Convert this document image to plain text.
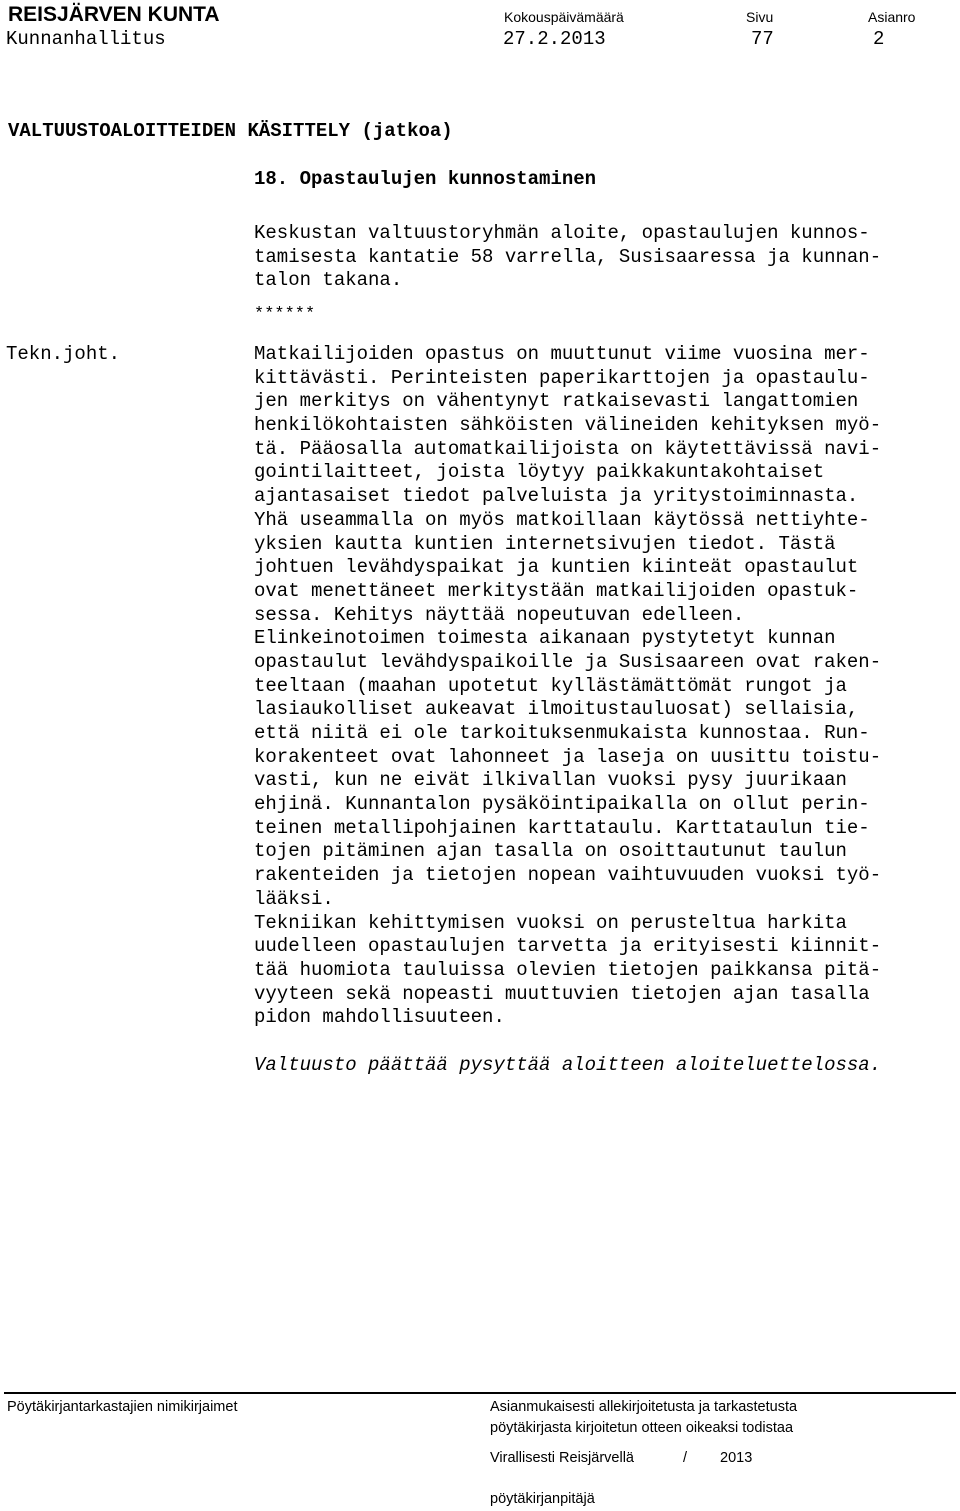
REISJÄRVEN KUNTA
Kunnanhallitus
Kokouspäivämäärä
27.2.2013
Sivu
77
Asianro
2
VALTUUSTOALOITTEIDEN KÄSITTELY (jatkoa)
18. Opastaulujen kunnostaminen
Keskustan valtuustoryhmän aloite, opastaulujen kunnos-
tamisesta kantatie 58 varrella, Susisaaressa ja kunnan-
talon takana.
******
Tekn.joht.	Matkailijoiden opastus on muuttunut viime vuosina mer-
kittävästi. Perinteisten paperikarttojen ja opastaulu-
jen merkitys on vähentynyt ratkaisevasti langattomien
henkilökohtaisten sähköisten välineiden kehityksen myö-
tä. Pääosalla automatkailijoista on käytettävissä navi-
gointilaitteet, joista löytyy paikkakuntakohtaiset
ajantasaiset tiedot palveluista ja yritystoiminnasta.
Yhä useammalla on myös matkoillaan käytössä nettiyhte-
yksien kautta kuntien internetsivujen tiedot. Tästä
johtuen levähdyspaikat ja kuntien kiinteät opastaulut
ovat menettäneet merkitystään matkailijoiden opastuk-
sessa. Kehitys näyttää nopeutuvan edelleen.
Elinkeinotoimen toimesta aikanaan pystytetyt kunnan
opastaulut levähdyspaikoille ja Susisaareen ovat raken-
teeltaan (maahan upotetut kyllästämättömät rungot ja
lasiaukolliset aukeavat ilmoitustauluosat) sellaisia,
että niitä ei ole tarkoituksenmukaista kunnostaa. Run-
korakenteet ovat lahonneet ja laseja on uusittu toistu-
vasti, kun ne eivät ilkivallan vuoksi pysy juurikaan
ehjinä. Kunnantalon pysäköintipaikalla on ollut perin-
teinen metallipohjainen karttataulu. Karttataulun tie-
tojen pitäminen ajan tasalla on osoittautunut taulun
rakenteiden ja tietojen nopean vaihtuvuuden vuoksi työ-
lääksi.
Tekniikan kehittymisen vuoksi on perusteltua harkita
uudelleen opastaulujen tarvetta ja erityisesti kiinnit-
tää huomiota tauluissa olevien tietojen paikkansa pitä-
vyyteen sekä nopeasti muuttuvien tietojen ajan tasalla
pidon mahdollisuuteen.
Valtuusto päättää pysyttää aloitteen aloiteluettelossa.
Pöytäkirjantarkastajien nimikirjaimet	Asianmukaisesti allekirjoitetusta ja tarkastetusta
pöytäkirjasta kirjoitetun otteen oikeaksi todistaa
Virallisesti Reisjärvellä	/ 2013
pöytäkirjanpitäjä
